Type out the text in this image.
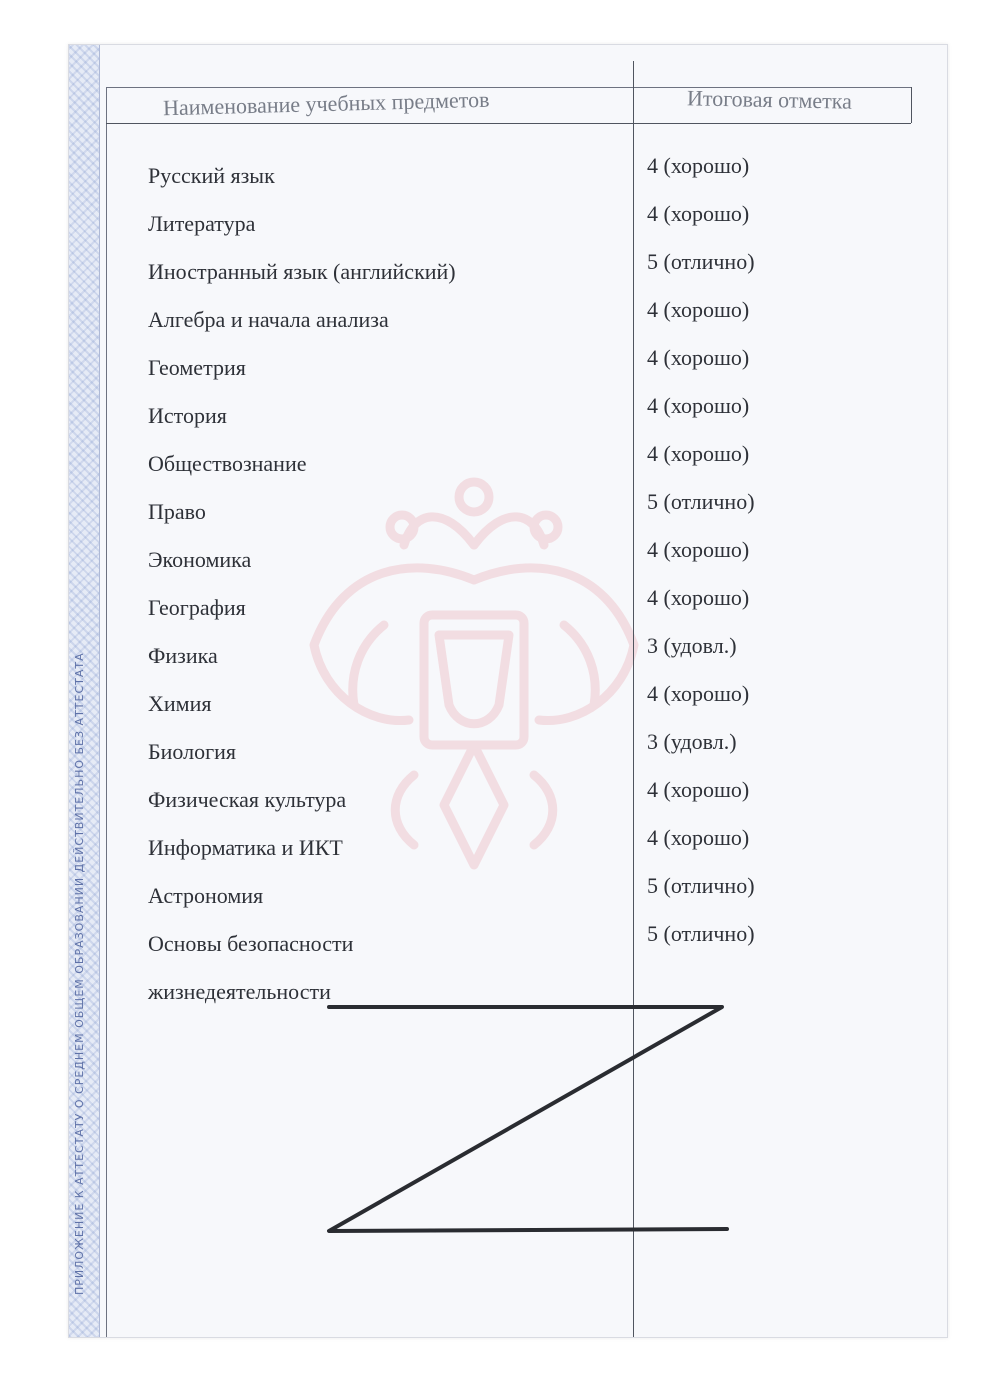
ПРИЛОЖЕНИЕ К АТТЕСТАТУ О СРЕДНЕМ ОБЩЕМ ОБРАЗОВАНИИ ДЕЙСТВИТЕЛЬНО БЕЗ АТТЕСТАТА
Наименование учебных предметов	Итоговая отметка
Русский язык	4 (хорошо)
Литература	4 (хорошо)
Иностранный язык (английский)	5 (отлично)
Алгебра и начала анализа	4 (хорошо)
Геометрия	4 (хорошо)
История	4 (хорошо)
Обществознание	4 (хорошо)
Право	5 (отлично)
Экономика	4 (хорошо)
География	4 (хорошо)
Физика	3 (удовл.)
Химия	4 (хорошо)
Биология	3 (удовл.)
Физическая культура	4 (хорошо)
Информатика и ИКТ	4 (хорошо)
Астрономия	5 (отлично)
Основы безопасности	5 (отлично)
жизнедеятельности
